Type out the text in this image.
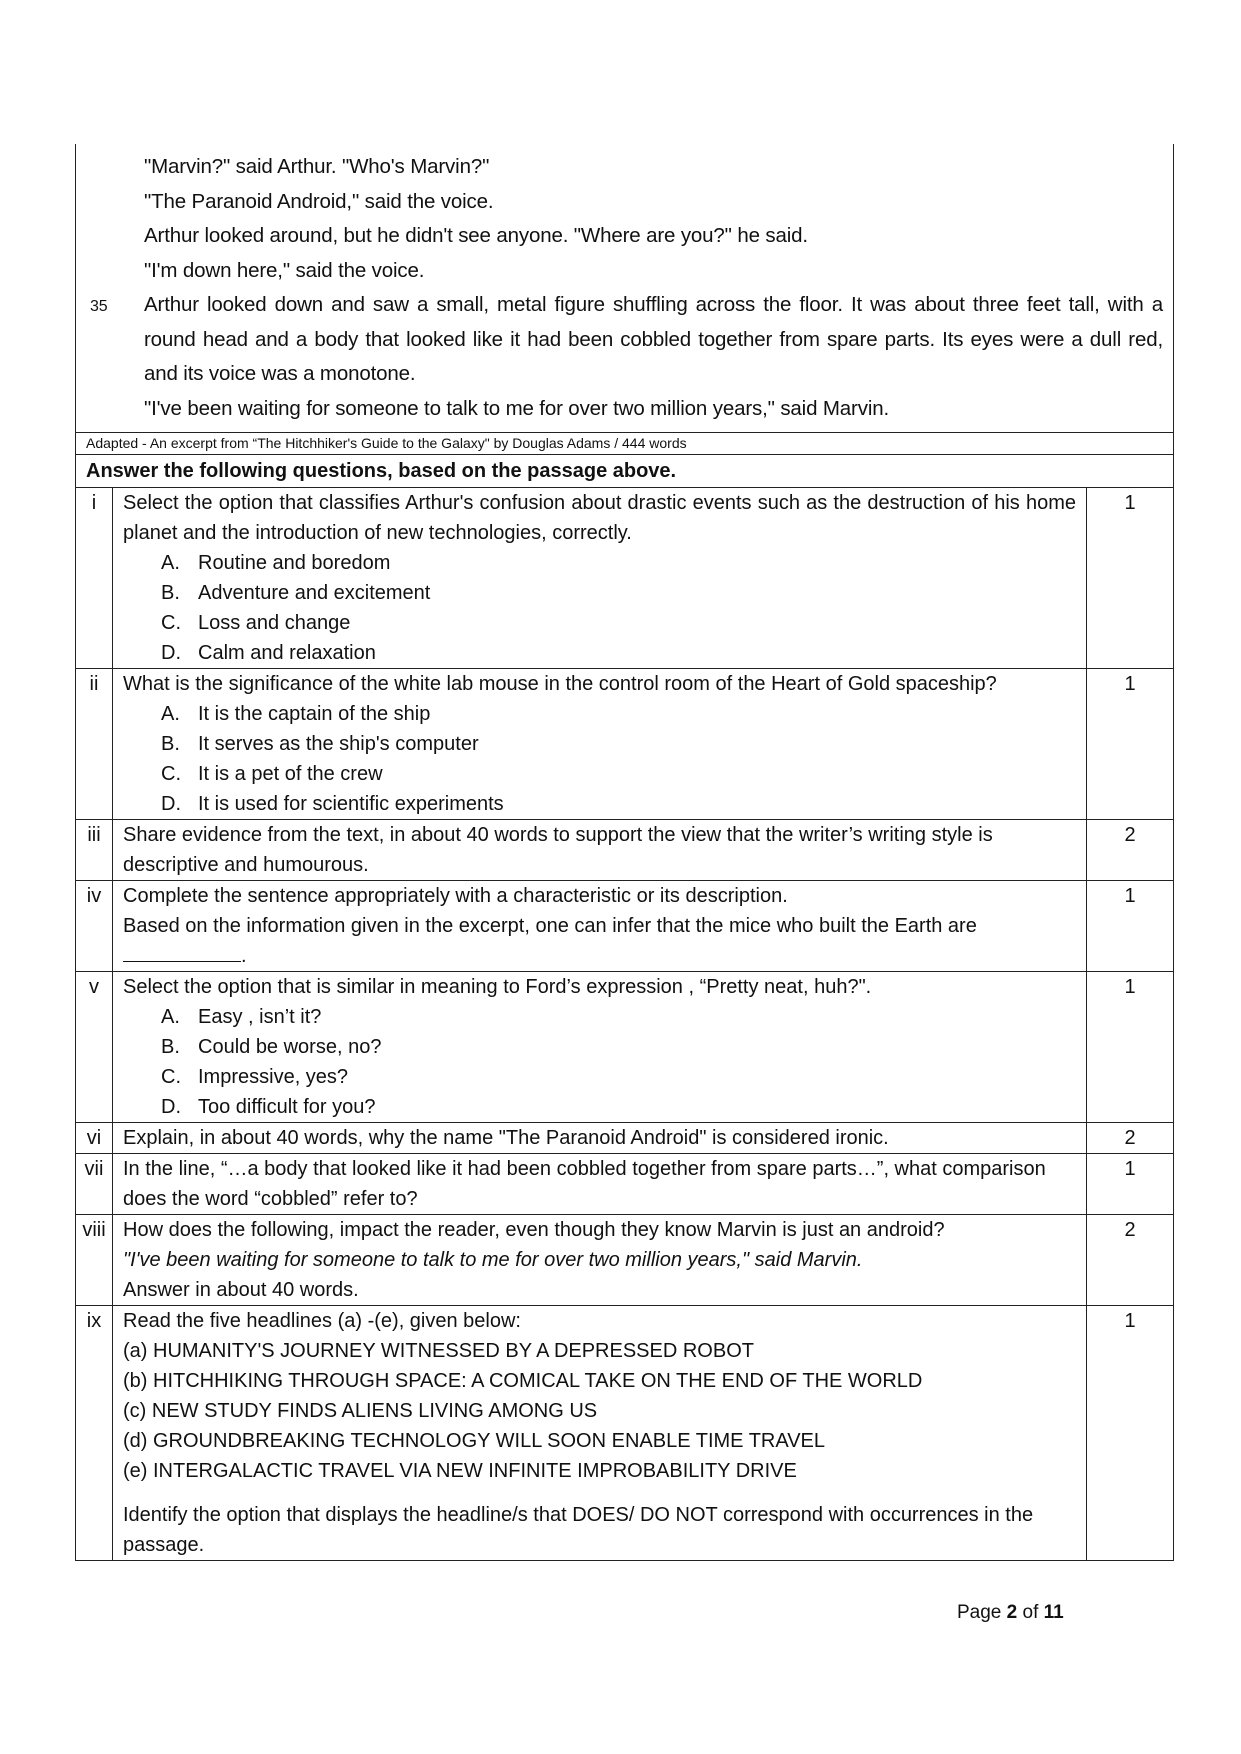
"Marvin?" said Arthur. "Who's Marvin?"
"The Paranoid Android," said the voice.
Arthur looked around, but he didn't see anyone. "Where are you?" he said.
"I'm down here," said the voice.
35 Arthur looked down and saw a small, metal figure shuffling across the floor. It was about three feet tall, with a round head and a body that looked like it had been cobbled together from spare parts. Its eyes were a dull red, and its voice was a monotone.
"I've been waiting for someone to talk to me for over two million years," said Marvin.
Adapted - An excerpt from “The Hitchhiker's Guide to the Galaxy" by Douglas Adams / 444 words
Answer the following questions, based on the passage above.
i	Select the option that classifies Arthur's confusion about drastic events such as the destruction of his home planet and the introduction of new technologies, correctly.
A. Routine and boredom
B. Adventure and excitement
C. Loss and change
D. Calm and relaxation
	1
ii	What is the significance of the white lab mouse in the control room of the Heart of Gold spaceship?
A. It is the captain of the ship
B. It serves as the ship's computer
C. It is a pet of the crew
D. It is used for scientific experiments
	1
iii	Share evidence from the text, in about 40 words to support the view that the writer’s writing style is descriptive and humourous.	2
iv	Complete the sentence appropriately with a characteristic or its description.
Based on the information given in the excerpt, one can infer that the mice who built the Earth are .	1
v	Select the option that is similar in meaning to Ford’s expression , “Pretty neat, huh?".
A. Easy , isn’t it?
B. Could be worse, no?
C. Impressive, yes?
D. Too difficult for you?
	1
vi	Explain, in about 40 words, why the name "The Paranoid Android" is considered ironic.	2
vii	In the line, “…a body that looked like it had been cobbled together from spare parts…”, what comparison does the word “cobbled” refer to?	1
viii	How does the following, impact the reader, even though they know Marvin is just an android?
"I've been waiting for someone to talk to me for over two million years," said Marvin.
Answer in about 40 words.	2
ix	Read the five headlines (a) -(e), given below:
(a) HUMANITY'S JOURNEY WITNESSED BY A DEPRESSED ROBOT
(b) HITCHHIKING THROUGH SPACE: A COMICAL TAKE ON THE END OF THE WORLD
(c) NEW STUDY FINDS ALIENS LIVING AMONG US
(d) GROUNDBREAKING TECHNOLOGY WILL SOON ENABLE TIME TRAVEL
(e) INTERGALACTIC TRAVEL VIA NEW INFINITE IMPROBABILITY DRIVE
Identify the option that displays the headline/s that DOES/ DO NOT correspond with occurrences in the passage.
	1
Page 2 of 11
